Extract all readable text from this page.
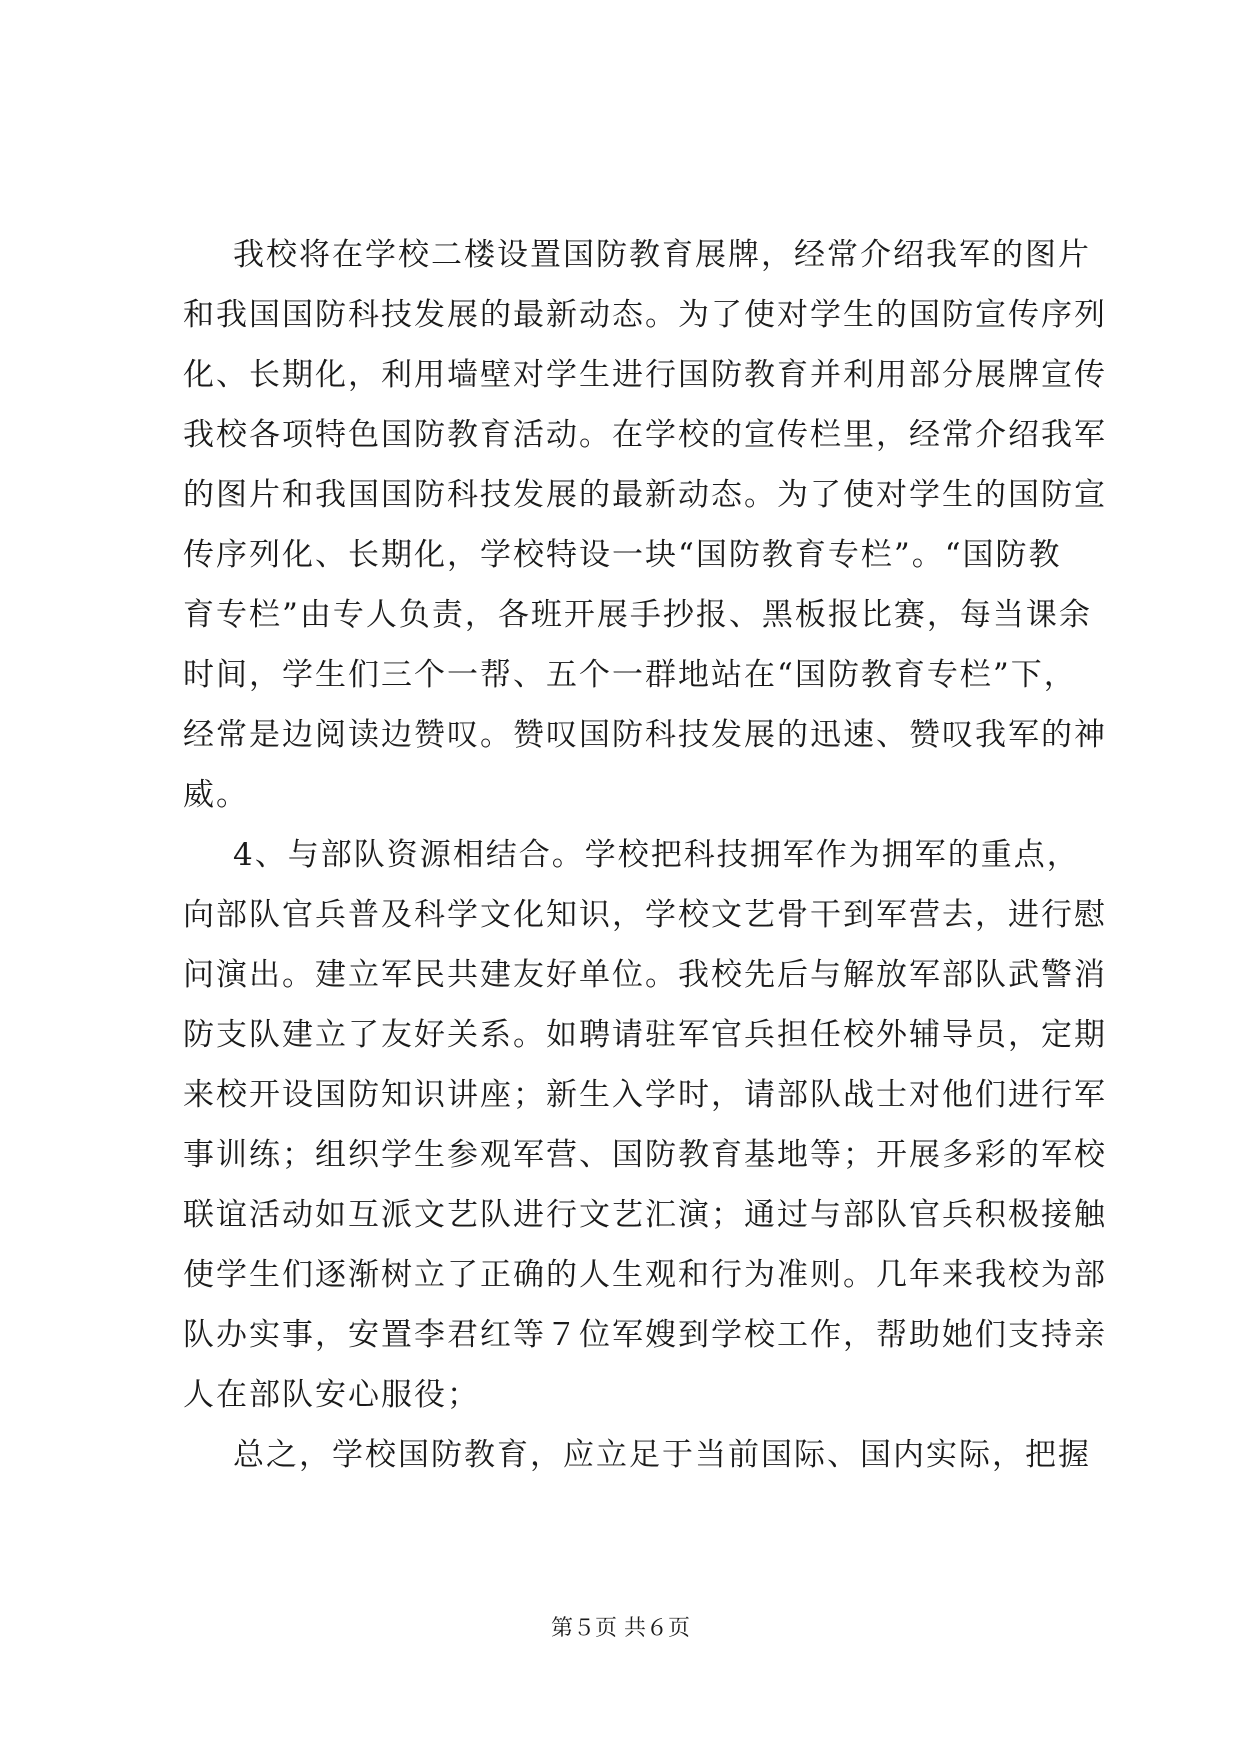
我校将在学校二楼设置国防教育展牌，经常介绍我军的图片
和我国国防科技发展的最新动态。为了使对学生的国防宣传序列
化、长期化，利用墙壁对学生进行国防教育并利用部分展牌宣传
我校各项特色国防教育活动。在学校的宣传栏里，经常介绍我军
的图片和我国国防科技发展的最新动态。为了使对学生的国防宣
传序列化、长期化，学校特设一块“国防教育专栏”。“国防教
育专栏”由专人负责，各班开展手抄报、黑板报比赛，每当课余
时间，学生们三个一帮、五个一群地站在“国防教育专栏”下，
经常是边阅读边赞叹。赞叹国防科技发展的迅速、赞叹我军的神
威。
4、与部队资源相结合。学校把科技拥军作为拥军的重点，
向部队官兵普及科学文化知识，学校文艺骨干到军营去，进行慰
问演出。建立军民共建友好单位。我校先后与解放军部队武警消
防支队建立了友好关系。如聘请驻军官兵担任校外辅导员，定期
来校开设国防知识讲座；新生入学时，请部队战士对他们进行军
事训练；组织学生参观军营、国防教育基地等；开展多彩的军校
联谊活动如互派文艺队进行文艺汇演；通过与部队官兵积极接触
使学生们逐渐树立了正确的人生观和行为准则。几年来我校为部
队办实事，安置李君红等７位军嫂到学校工作，帮助她们支持亲
人在部队安心服役；
总之，学校国防教育，应立足于当前国际、国内实际，把握
第５页 共６页
